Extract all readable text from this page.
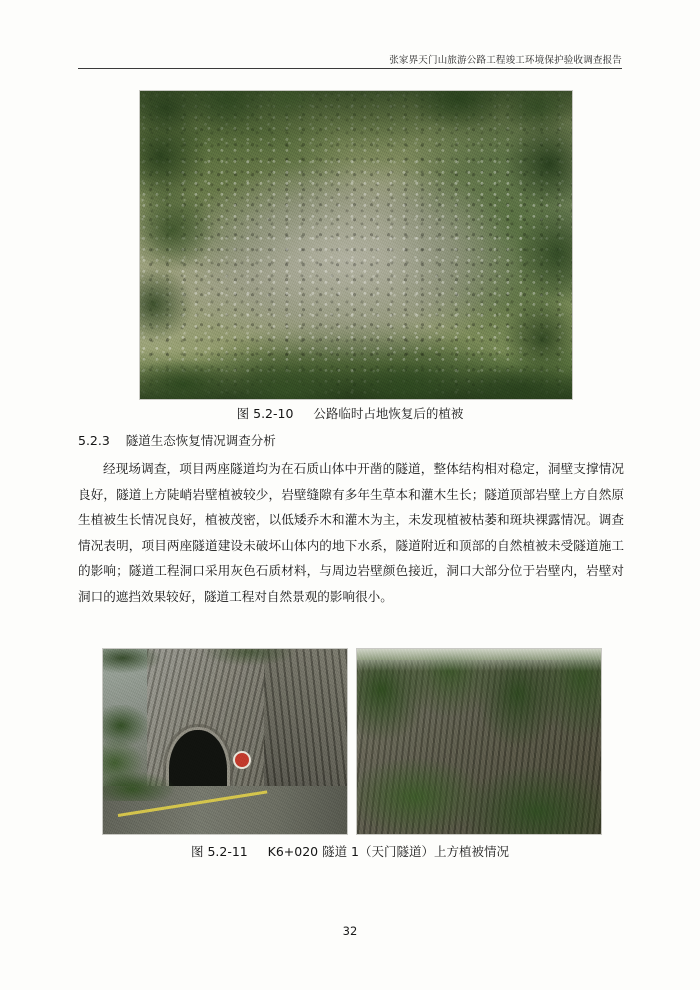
张家界天门山旅游公路工程竣工环境保护验收调查报告
图 5.2-10 公路临时占地恢复后的植被
5.2.3 隧道生态恢复情况调查分析
经现场调查，项目两座隧道均为在石质山体中开凿的隧道，整体结构相对稳定，洞壁支撑情况良好，隧道上方陡峭岩壁植被较少，岩壁缝隙有多年生草本和灌木生长；隧道顶部岩壁上方自然原生植被生长情况良好，植被茂密，以低矮乔木和灌木为主，未发现植被枯萎和斑块裸露情况。调查情况表明，项目两座隧道建设未破坏山体内的地下水系，隧道附近和顶部的自然植被未受隧道施工的影响；隧道工程洞口采用灰色石质材料，与周边岩壁颜色接近，洞口大部分位于岩壁内，岩壁对洞口的遮挡效果较好，隧道工程对自然景观的影响很小。
图 5.2-11 K6+020 隧道 1（天门隧道）上方植被情况
32
